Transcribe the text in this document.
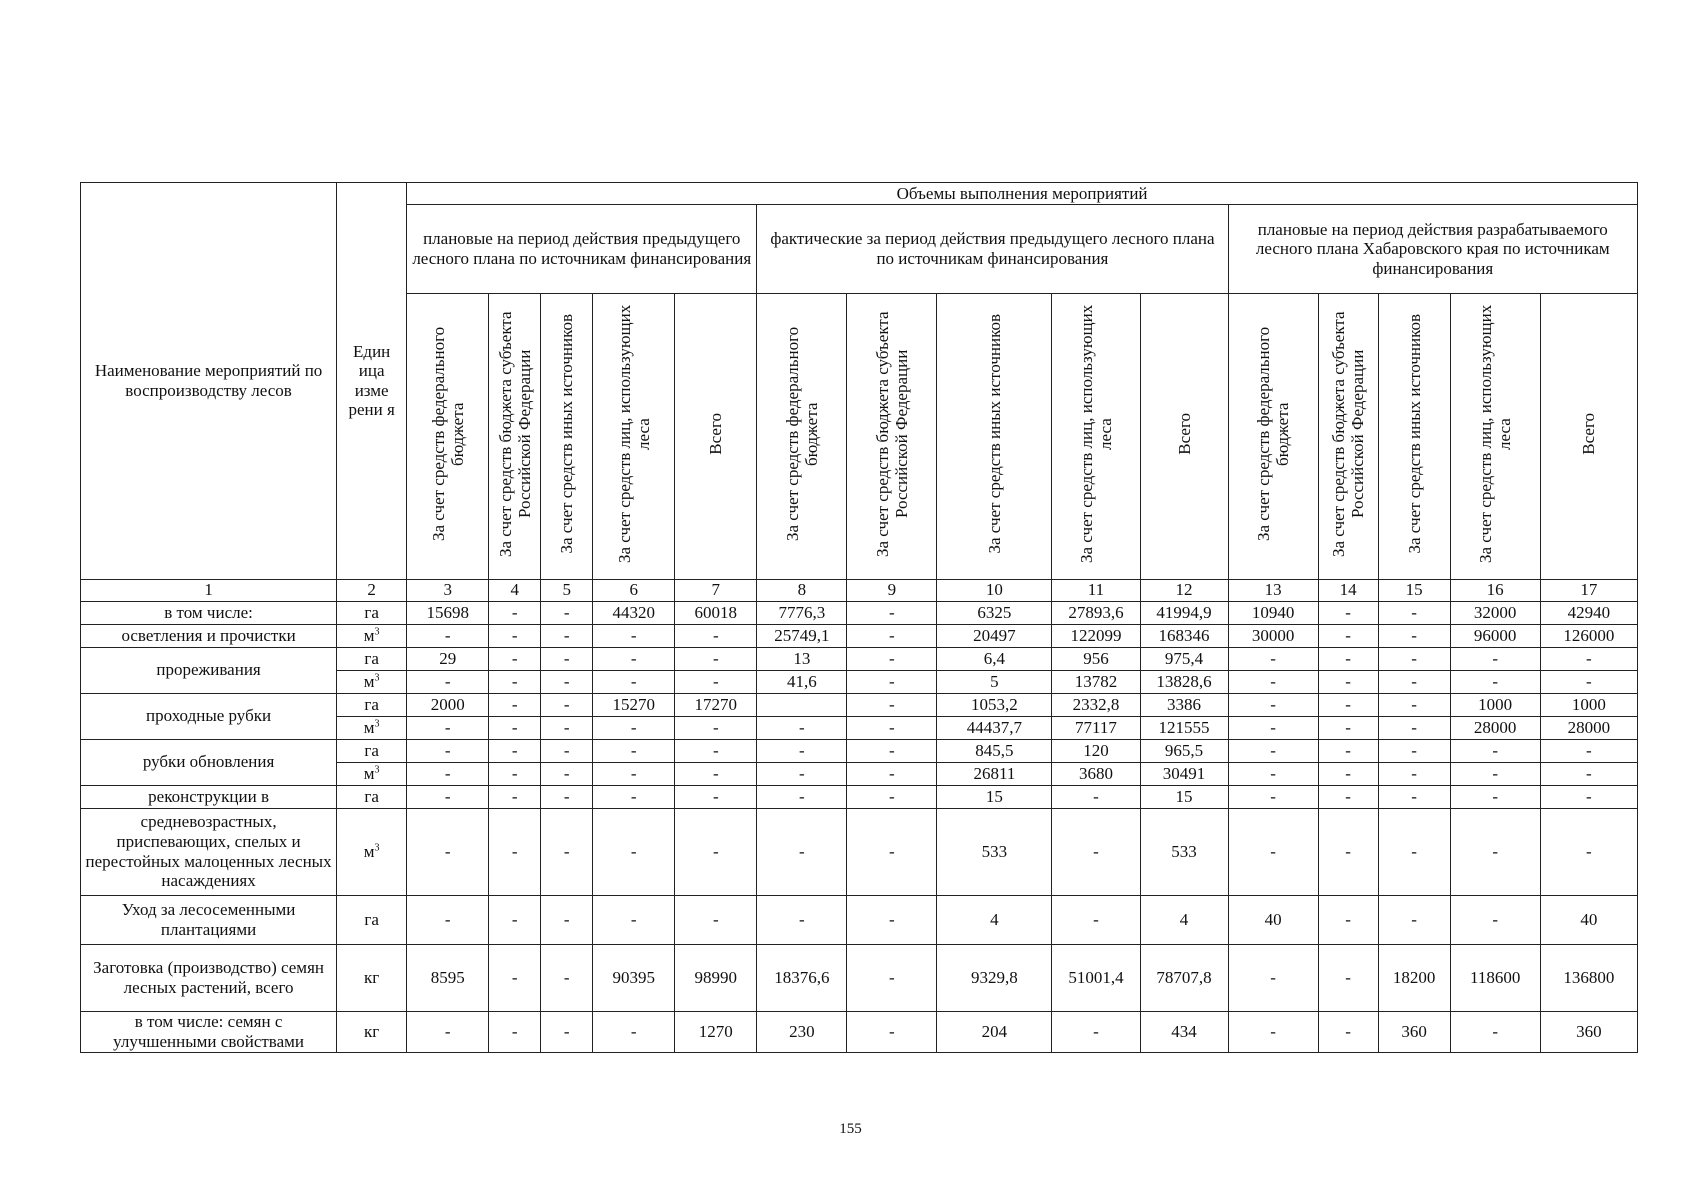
Наименование мероприятий по воспроизводству лесов	Един ица изме рени я	Объемы выполнения мероприятий														
		плановые на период действия предыдущего лесного плана по источникам финансирования					фактические за период действия предыдущего лесного плана по источникам финансирования					плановые на период действия разрабатываемого лесного плана Хабаровского края по источникам финансирования				
		За счет средств федерального бюджета	За счет средств бюджета субъекта Российской Федерации	За счет средств иных источников	За счет средств лиц, использующих леса	Всего	За счет средств федерального бюджета	За счет средств бюджета субъекта Российской Федерации	За счет средств иных источников	За счет средств лиц, использующих леса	Всего	За счет средств федерального бюджета	За счет средств бюджета субъекта Российской Федерации	За счет средств иных источников	За счет средств лиц, использующих леса	Всего
1	2	3	4	5	6	7	8	9	10	11	12	13	14	15	16	17
в том числе:	га	15698	-	-	44320	60018	7776,3	-	6325	27893,6	41994,9	10940	-	-	32000	42940
осветления и прочистки	$м^3$	-	-	-	-	-	25749,1	-	20497	122099	168346	30000	-	-	96000	126000
прореживания	га	29	-	-	-	-	13	-	6,4	956	975,4	-	-	-	-	-
	$м^3$	-	-	-	-	-	41,6	-	5	13782	13828,6	-	-	-	-	-
проходные рубки	га	2000	-	-	15270	17270		-	1053,2	2332,8	3386	-	-	-	1000	1000
	$м^3$	-	-	-	-	-	-	-	44437,7	77117	121555	-	-	-	28000	28000
рубки обновления	га	-	-	-	-	-	-	-	845,5	120	965,5	-	-	-	-	-
	$м^3$	-	-	-	-	-	-	-	26811	3680	30491	-	-	-	-	-
реконструкции в	га	-	-	-	-	-	-	-	15	-	15	-	-	-	-	-
средневозрастных, приспевающих, спелых и перестойных малоценных лесных насаждениях	$м^3$	-	-	-	-	-	-	-	533	-	533	-	-	-	-	-
Уход за лесосеменными плантациями	га	-	-	-	-	-	-	-	4	-	4	40	-	-	-	40
Заготовка (производство) семян лесных растений, всего	кг	8595	-	-	90395	98990	18376,6	-	9329,8	51001,4	78707,8	-	-	18200	118600	136800
в том числе: семян с улучшенными свойствами	кг	-	-	-	-	1270	230	-	204	-	434	-	-	360	-	360
155
